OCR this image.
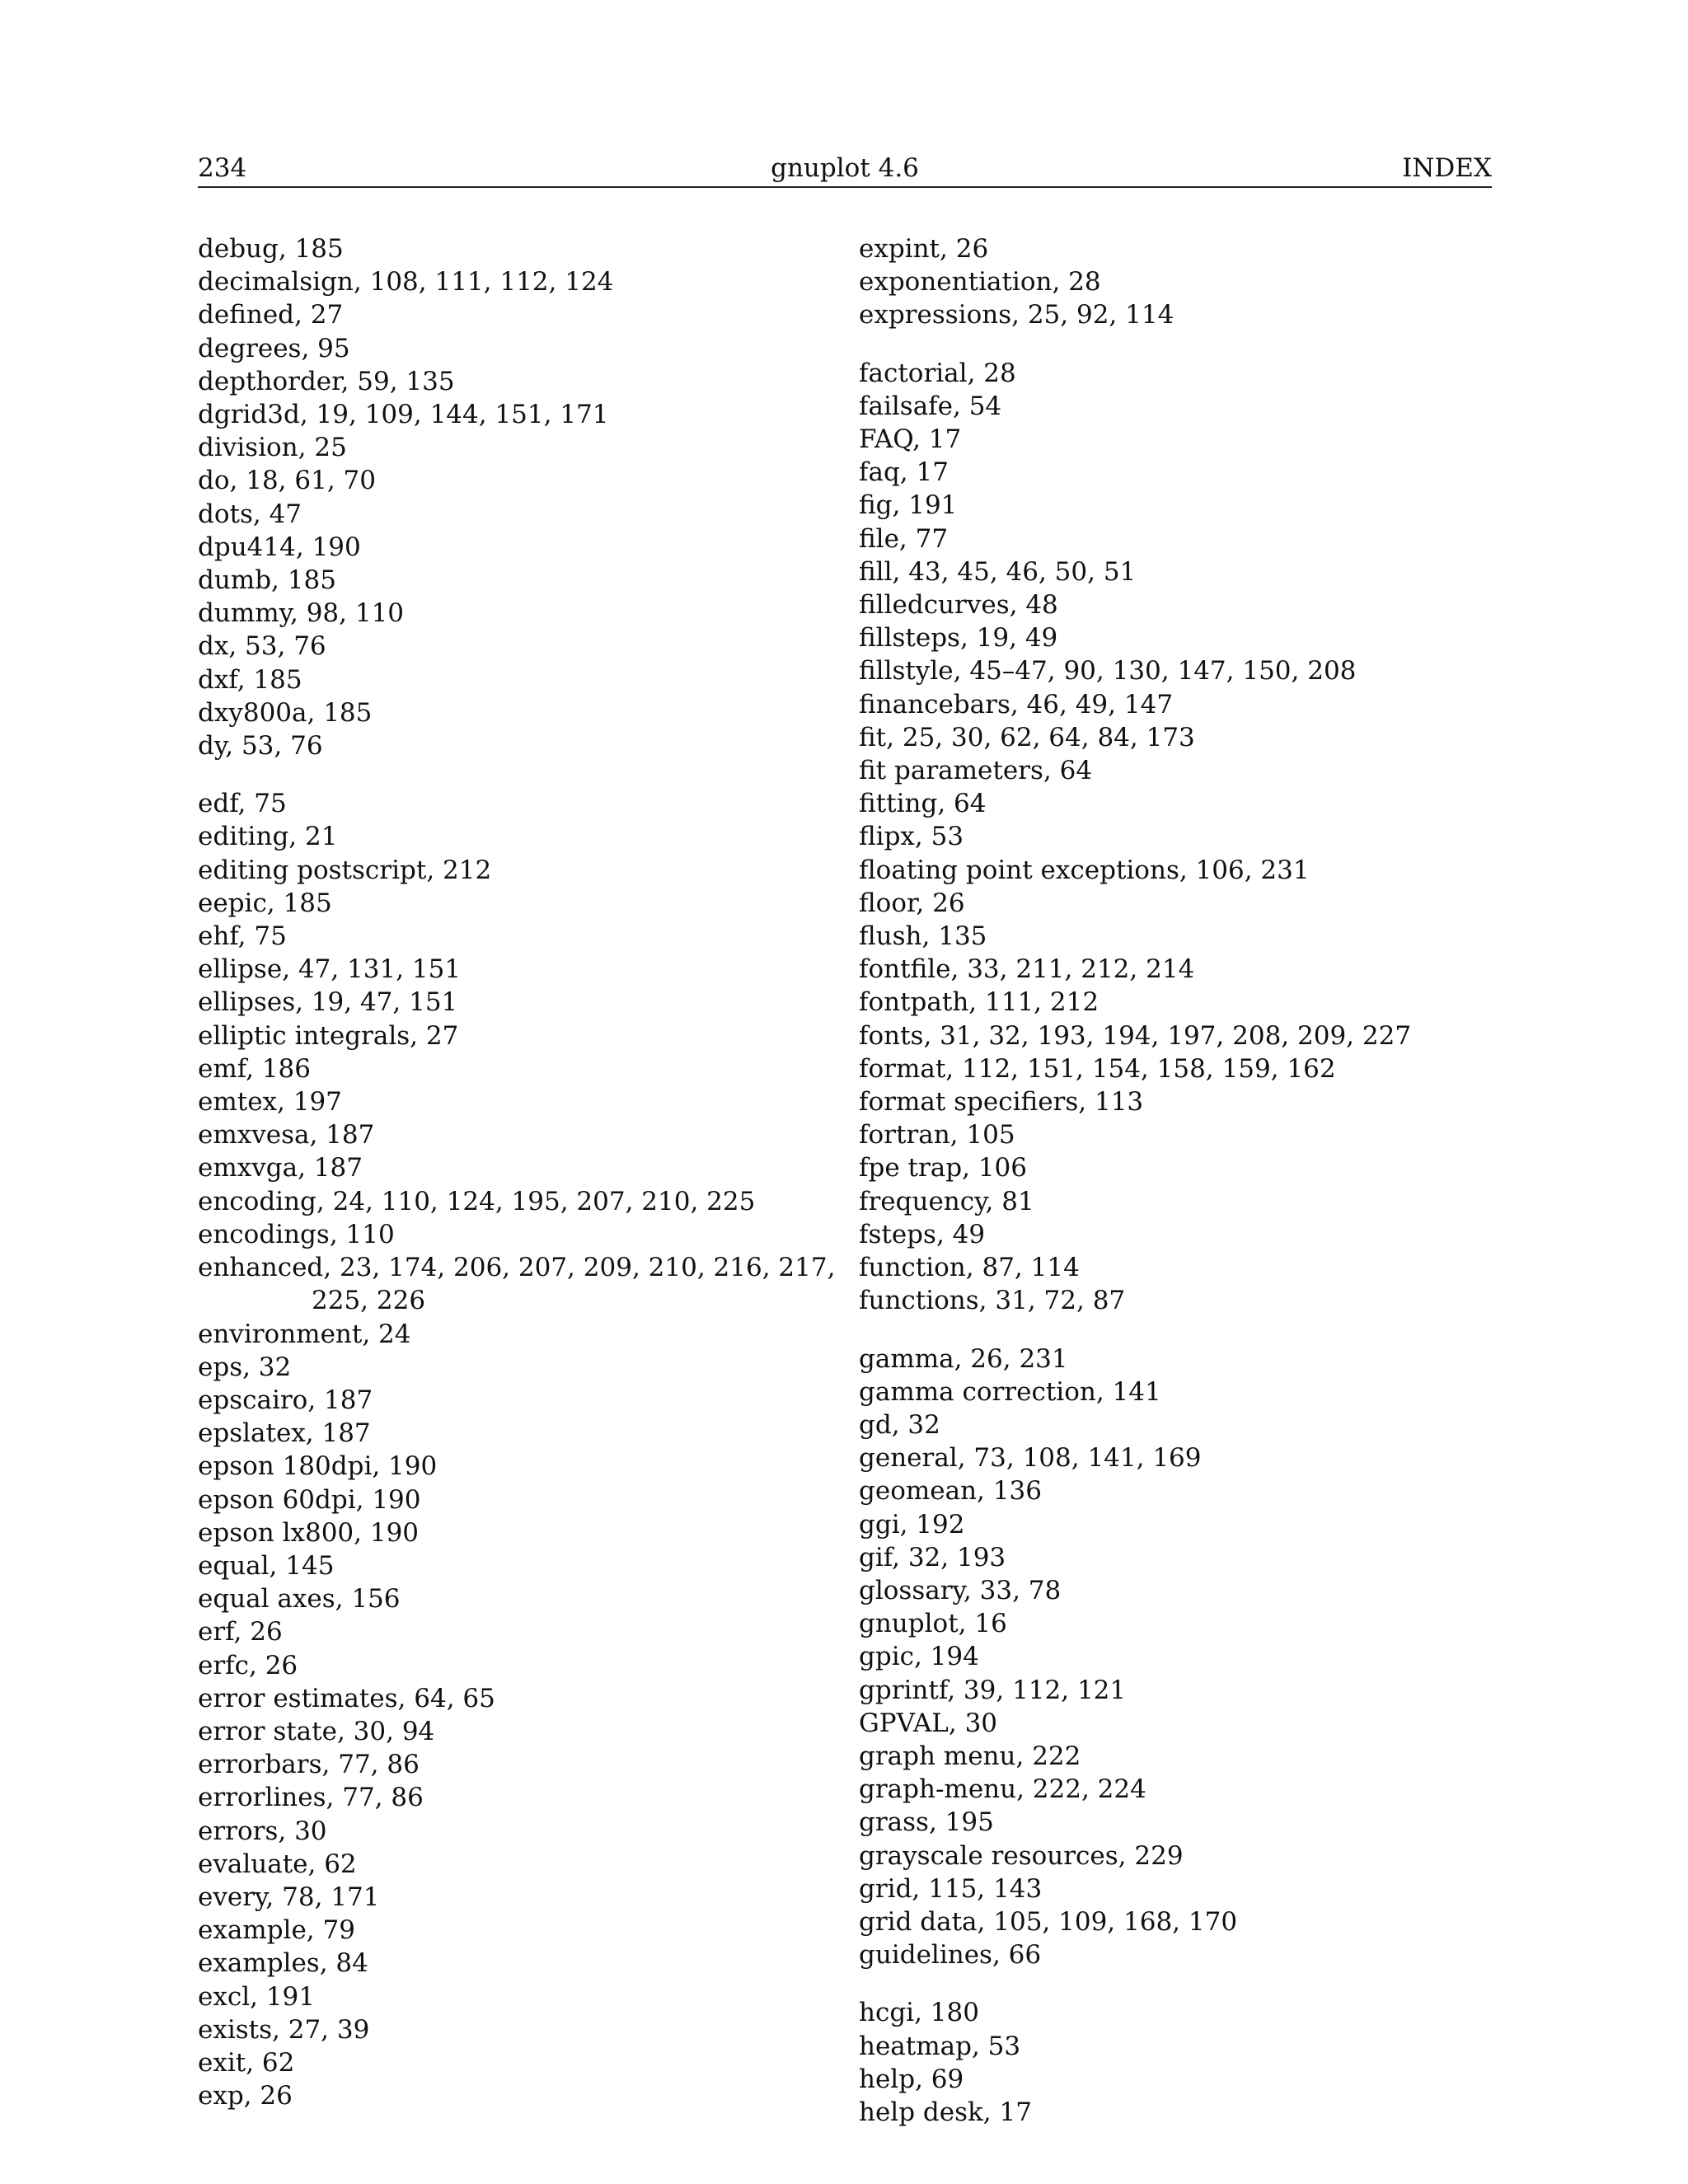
234	gnuplot 4.6	INDEX
debug, 185
decimalsign, 108, 111, 112, 124
defined, 27
degrees, 95
depthorder, 59, 135
dgrid3d, 19, 109, 144, 151, 171
division, 25
do, 18, 61, 70
dots, 47
dpu414, 190
dumb, 185
dummy, 98, 110
dx, 53, 76
dxf, 185
dxy800a, 185
dy, 53, 76
edf, 75
editing, 21
editing postscript, 212
eepic, 185
ehf, 75
ellipse, 47, 131, 151
ellipses, 19, 47, 151
elliptic integrals, 27
emf, 186
emtex, 197
emxvesa, 187
emxvga, 187
encoding, 24, 110, 124, 195, 207, 210, 225
encodings, 110
enhanced, 23, 174, 206, 207, 209, 210, 216, 217, 225, 226
environment, 24
eps, 32
epscairo, 187
epslatex, 187
epson 180dpi, 190
epson 60dpi, 190
epson lx800, 190
equal, 145
equal axes, 156
erf, 26
erfc, 26
error estimates, 64, 65
error state, 30, 94
errorbars, 77, 86
errorlines, 77, 86
errors, 30
evaluate, 62
every, 78, 171
example, 79
examples, 84
excl, 191
exists, 27, 39
exit, 62
exp, 26
expint, 26
exponentiation, 28
expressions, 25, 92, 114
factorial, 28
failsafe, 54
FAQ, 17
faq, 17
fig, 191
file, 77
fill, 43, 45, 46, 50, 51
filledcurves, 48
fillsteps, 19, 49
fillstyle, 45–47, 90, 130, 147, 150, 208
financebars, 46, 49, 147
fit, 25, 30, 62, 64, 84, 173
fit parameters, 64
fitting, 64
flipx, 53
floating point exceptions, 106, 231
floor, 26
flush, 135
fontfile, 33, 211, 212, 214
fontpath, 111, 212
fonts, 31, 32, 193, 194, 197, 208, 209, 227
format, 112, 151, 154, 158, 159, 162
format specifiers, 113
fortran, 105
fpe trap, 106
frequency, 81
fsteps, 49
function, 87, 114
functions, 31, 72, 87
gamma, 26, 231
gamma correction, 141
gd, 32
general, 73, 108, 141, 169
geomean, 136
ggi, 192
gif, 32, 193
glossary, 33, 78
gnuplot, 16
gpic, 194
gprintf, 39, 112, 121
GPVAL, 30
graph menu, 222
graph-menu, 222, 224
grass, 195
grayscale resources, 229
grid, 115, 143
grid data, 105, 109, 168, 170
guidelines, 66
hcgi, 180
heatmap, 53
help, 69
help desk, 17
